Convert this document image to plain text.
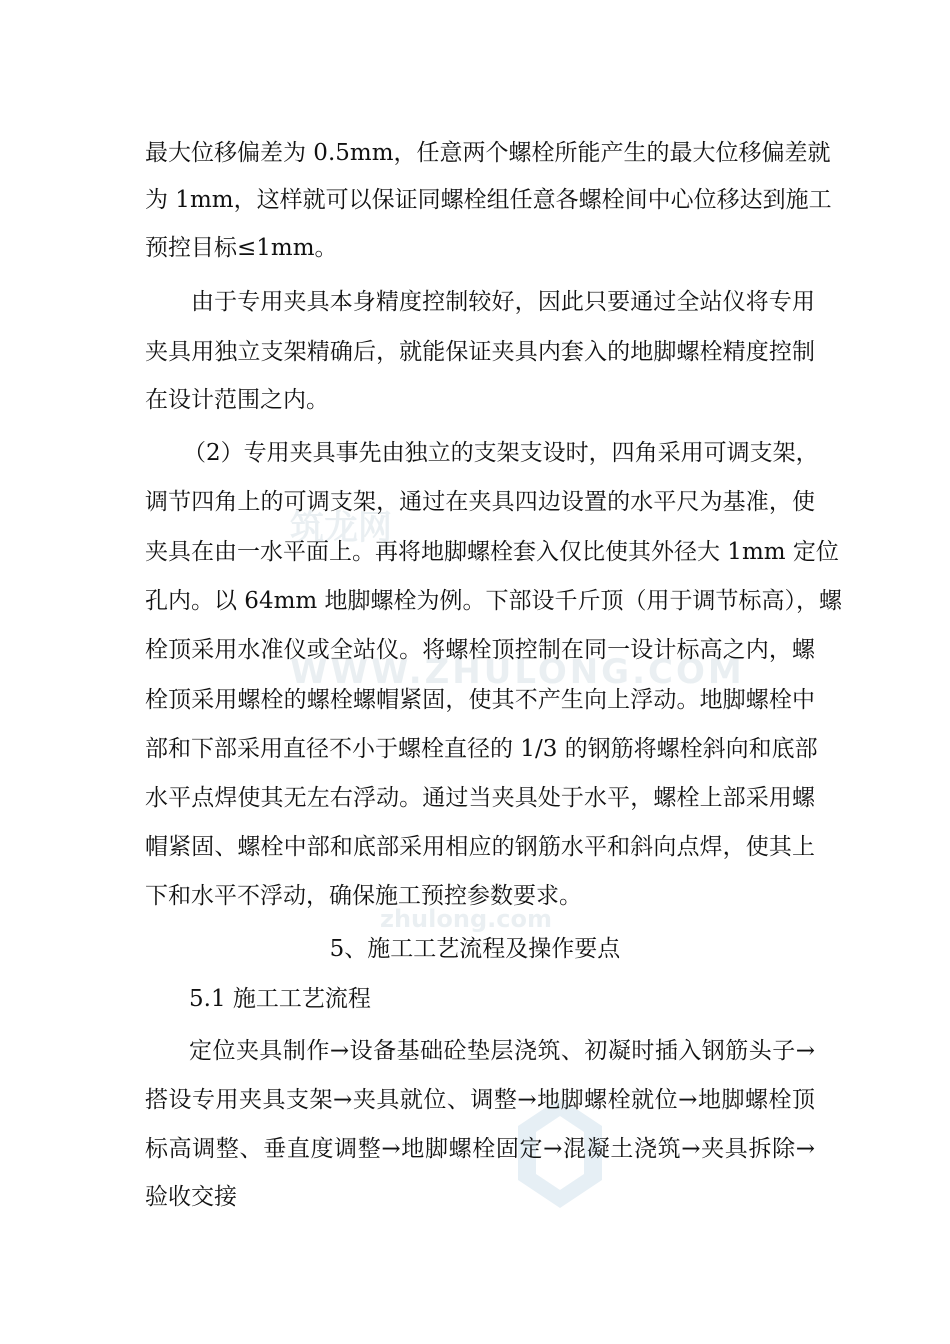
筑龙网
WWW.ZHULONG.COM
zhulong.com
最大位移偏差为 0.5mm，任意两个螺栓所能产生的最大位移偏差就
为 1mm，这样就可以保证同螺栓组任意各螺栓间中心位移达到施工
预控目标≤1mm。
由于专用夹具本身精度控制较好，因此只要通过全站仪将专用
夹具用独立支架精确后，就能保证夹具内套入的地脚螺栓精度控制
在设计范围之内。
（2）专用夹具事先由独立的支架支设时，四角采用可调支架，
调节四角上的可调支架，通过在夹具四边设置的水平尺为基准，使
夹具在由一水平面上。再将地脚螺栓套入仅比使其外径大 1mm 定位
孔内。以 64mm 地脚螺栓为例。下部设千斤顶（用于调节标高），螺
栓顶采用水准仪或全站仪。将螺栓顶控制在同一设计标高之内，螺
栓顶采用螺栓的螺栓螺帽紧固，使其不产生向上浮动。地脚螺栓中
部和下部采用直径不小于螺栓直径的 1/3 的钢筋将螺栓斜向和底部
水平点焊使其无左右浮动。通过当夹具处于水平，螺栓上部采用螺
帽紧固、螺栓中部和底部采用相应的钢筋水平和斜向点焊，使其上
下和水平不浮动，确保施工预控参数要求。
5、施工工艺流程及操作要点
5.1 施工工艺流程
定位夹具制作→设备基础砼垫层浇筑、初凝时插入钢筋头子→
搭设专用夹具支架→夹具就位、调整→地脚螺栓就位→地脚螺栓顶
标高调整、垂直度调整→地脚螺栓固定→混凝土浇筑→夹具拆除→
验收交接
